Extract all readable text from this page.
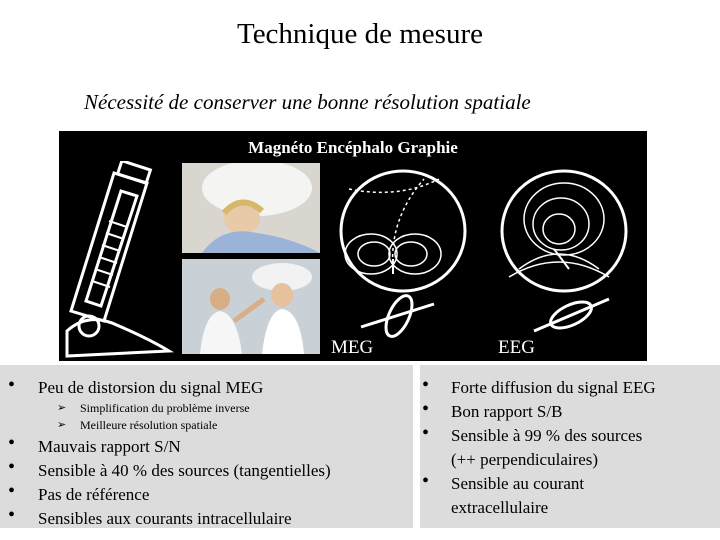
Technique de mesure
Nécessité de conserver une bonne résolution spatiale
Magnéto Encéphalo Graphie
MEG	EEG
• Peu de distorsion du signal MEG
➢ Simplification du problème inverse
➢ Meilleure résolution spatiale
• Mauvais rapport S/N
• Sensible à 40 % des sources (tangentielles)
• Pas de référence
• Sensibles aux courants intracellulaire
• Forte diffusion du signal EEG
• Bon rapport S/B
• Sensible à 99 % des sources
(++ perpendiculaires)
• Sensible au courant
extracellulaire
